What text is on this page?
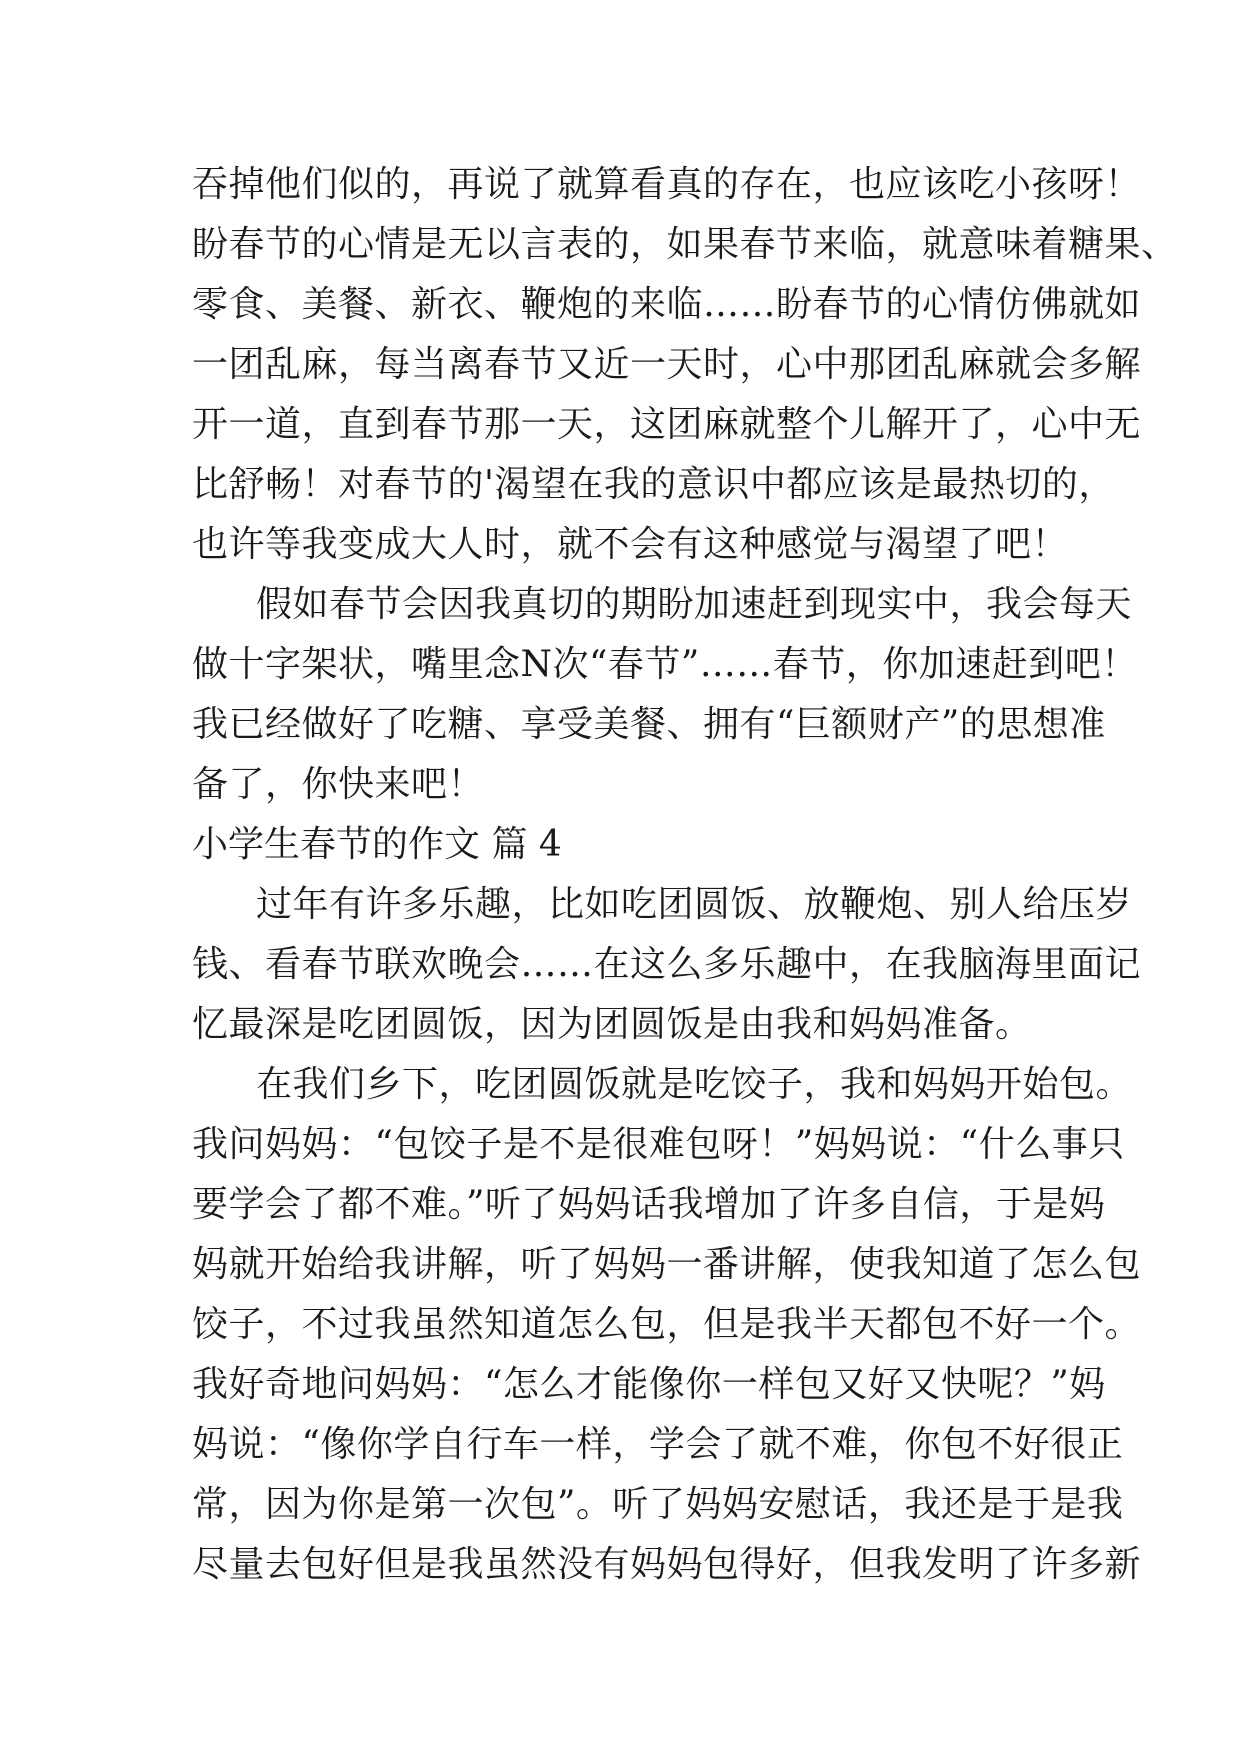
吞掉他们似的，再说了就算看真的存在，也应该吃小孩呀！
盼春节的心情是无以言表的，如果春节来临，就意味着糖果、
零食、美餐、新衣、鞭炮的来临……盼春节的心情仿佛就如
一团乱麻，每当离春节又近一天时，心中那团乱麻就会多解
开一道，直到春节那一天，这团麻就整个儿解开了，心中无
比舒畅！对春节的'渴望在我的意识中都应该是最热切的，
也许等我变成大人时，就不会有这种感觉与渴望了吧！
假如春节会因我真切的期盼加速赶到现实中，我会每天
做十字架状，嘴里念N次“春节”……春节，你加速赶到吧！
我已经做好了吃糖、享受美餐、拥有“巨额财产”的思想准
备了，你快来吧！
小学生春节的作文 篇 4
过年有许多乐趣，比如吃团圆饭、放鞭炮、别人给压岁
钱、看春节联欢晚会……在这么多乐趣中，在我脑海里面记
忆最深是吃团圆饭，因为团圆饭是由我和妈妈准备。
在我们乡下，吃团圆饭就是吃饺子，我和妈妈开始包。
我问妈妈：“包饺子是不是很难包呀！”妈妈说：“什么事只
要学会了都不难。”听了妈妈话我增加了许多自信，于是妈
妈就开始给我讲解，听了妈妈一番讲解，使我知道了怎么包
饺子，不过我虽然知道怎么包，但是我半天都包不好一个。
我好奇地问妈妈：“怎么才能像你一样包又好又快呢？”妈
妈说：“像你学自行车一样，学会了就不难，你包不好很正
常，因为你是第一次包”。听了妈妈安慰话，我还是于是我
尽量去包好但是我虽然没有妈妈包得好，但我发明了许多新
